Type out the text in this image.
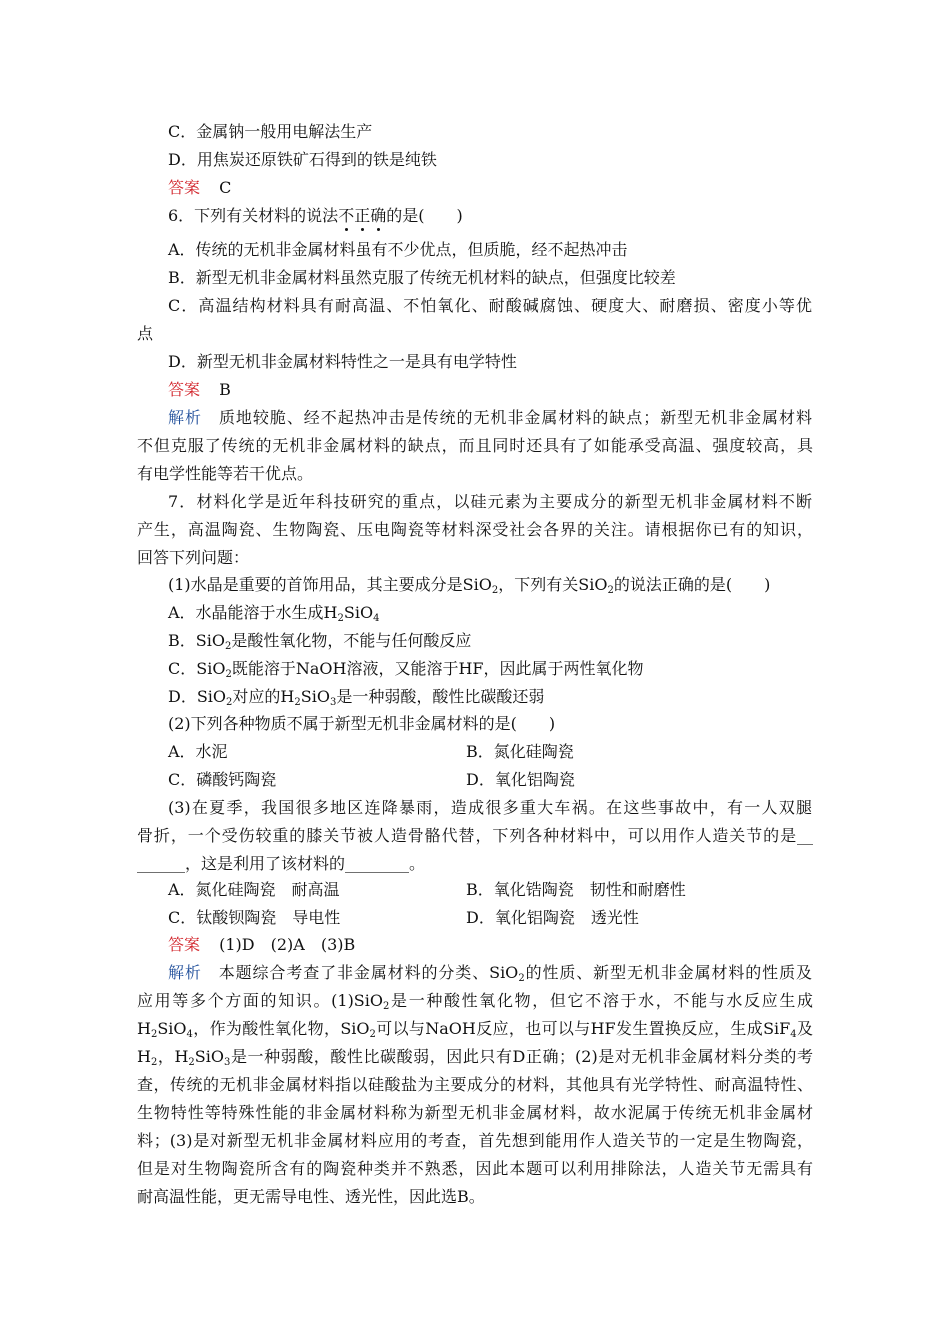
C．金属钠一般用电解法生产
D．用焦炭还原铁矿石得到的铁是纯铁
答案 C
6．下列有关材料的说法不正确的是(　　)
A．传统的无机非金属材料虽有不少优点，但质脆，经不起热冲击
B．新型无机非金属材料虽然克服了传统无机材料的缺点，但强度比较差
C．高温结构材料具有耐高温、不怕氧化、耐酸碱腐蚀、硬度大、耐磨损、密度小等优
点
D．新型无机非金属材料特性之一是具有电学特性
答案 B
解析　 质地较脆、经不起热冲击是传统的无机非金属材料的缺点；新型无机非金属材料
不但克服了传统的无机非金属材料的缺点，而且同时还具有了如能承受高温、强度较高，具
有电学性能等若干优点。
7．材料化学是近年科技研究的重点，以硅元素为主要成分的新型无机非金属材料不断
产生，高温陶瓷、生物陶瓷、压电陶瓷等材料深受社会各界的关注。请根据你已有的知识，
回答下列问题：
(1)水晶是重要的首饰用品，其主要成分是SiO$_2$，下列有关SiO$_2$的说法正确的是(　　)
A．水晶能溶于水生成$H_2SiO_4$
B．SiO$_2$是酸性氧化物，不能与任何酸反应
C．SiO$_2$既能溶于NaOH溶液，又能溶于HF，因此属于两性氧化物
D．SiO$_2$对应的$H_2SiO_3$是一种弱酸，酸性比碳酸还弱
(2)下列各种物质不属于新型无机非金属材料的是(　　)
A．水泥	B．氮化硅陶瓷
C．磷酸钙陶瓷	D．氧化铝陶瓷
(3)在夏季，我国很多地区连降暴雨，造成很多重大车祸。在这些事故中，有一人双腿
骨折，一个受伤较重的膝关节被人造骨骼代替，下列各种材料中，可以用作人造关节的是__
______，这是利用了该材料的________。
A．氮化硅陶瓷　耐高温	B．氧化锆陶瓷　韧性和耐磨性
C．钛酸钡陶瓷　导电性	D．氧化铝陶瓷　透光性
答案 (1)D　(2)A　(3)B
解析　 本题综合考查了非金属材料的分类、SiO$_2$的性质、新型无机非金属材料的性质及
应用等多个方面的知识。(1)SiO$_2$是一种酸性氧化物，但它不溶于水，不能与水反应生成
$H_2SiO_4$，作为酸性氧化物，SiO$_2$可以与NaOH反应，也可以与HF发生置换反应，生成SiF$_4$及
$H_2$，$H_2SiO_3$是一种弱酸，酸性比碳酸弱，因此只有D正确；(2)是对无机非金属材料分类的考
查，传统的无机非金属材料指以硅酸盐为主要成分的材料，其他具有光学特性、耐高温特性、
生物特性等特殊性能的非金属材料称为新型无机非金属材料，故水泥属于传统无机非金属材
料；(3)是对新型无机非金属材料应用的考查，首先想到能用作人造关节的一定是生物陶瓷，
但是对生物陶瓷所含有的陶瓷种类并不熟悉，因此本题可以利用排除法，人造关节无需具有
耐高温性能，更无需导电性、透光性，因此选B。
